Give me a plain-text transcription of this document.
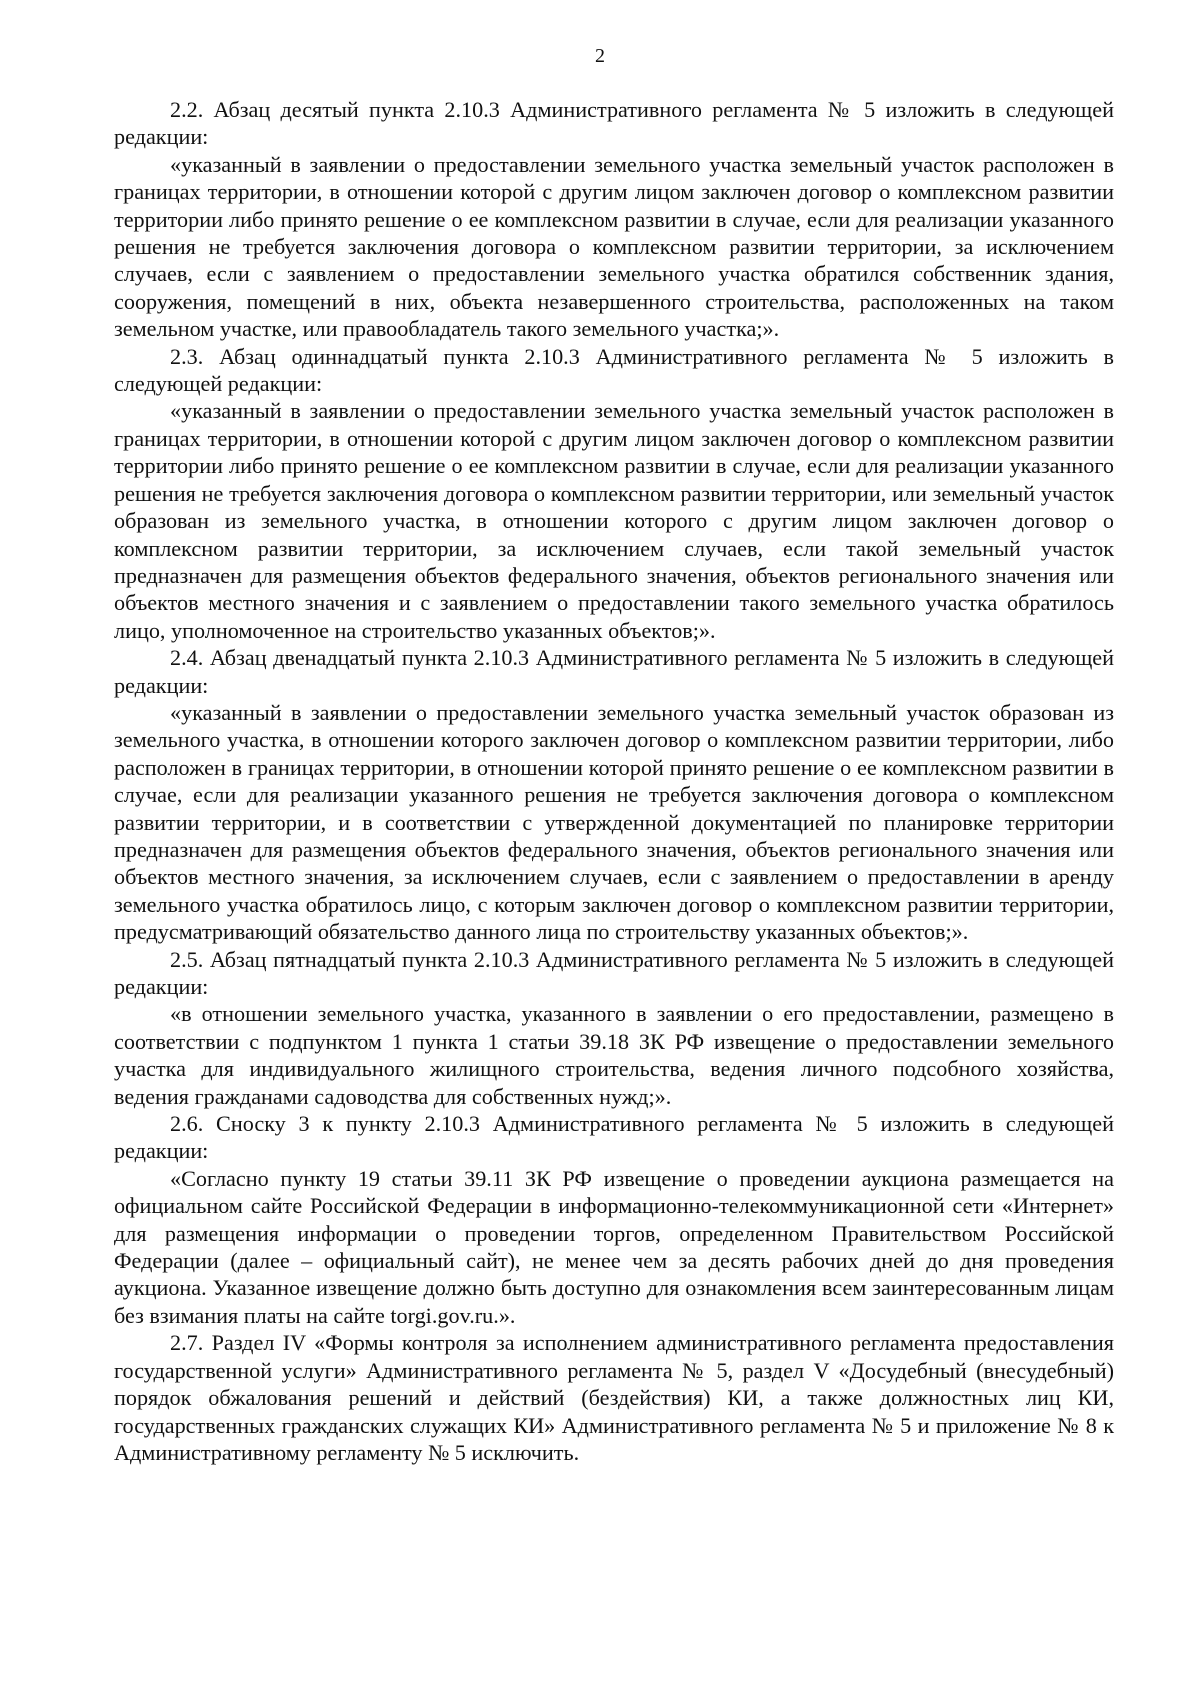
2

2.2. Абзац десятый пункта 2.10.3 Административного регламента № 5 изложить в следующей редакции:

«указанный в заявлении о предоставлении земельного участка земельный участок расположен в границах территории, в отношении которой с другим лицом заключен договор о комплексном развитии территории либо принято решение о ее комплексном развитии в случае, если для реализации указанного решения не требуется заключения договора о комплексном развитии территории, за исключением случаев, если с заявлением о предоставлении земельного участка обратился собственник здания, сооружения, помещений в них, объекта незавершенного строительства, расположенных на таком земельном участке, или правообладатель такого земельного участка;».

2.3. Абзац одиннадцатый пункта 2.10.3 Административного регламента № 5 изложить в следующей редакции:

«указанный в заявлении о предоставлении земельного участка земельный участок расположен в границах территории, в отношении которой с другим лицом заключен договор о комплексном развитии территории либо принято решение о ее комплексном развитии в случае, если для реализации указанного решения не требуется заключения договора о комплексном развитии территории, или земельный участок образован из земельного участка, в отношении которого с другим лицом заключен договор о комплексном развитии территории, за исключением случаев, если такой земельный участок предназначен для размещения объектов федерального значения, объектов регионального значения или объектов местного значения и с заявлением о предоставлении такого земельного участка обратилось лицо, уполномоченное на строительство указанных объектов;».

2.4. Абзац двенадцатый пункта 2.10.3 Административного регламента № 5 изложить в следующей редакции:

«указанный в заявлении о предоставлении земельного участка земельный участок образован из земельного участка, в отношении которого заключен договор о комплексном развитии территории, либо расположен в границах территории, в отношении которой принято решение о ее комплексном развитии в случае, если для реализации указанного решения не требуется заключения договора о комплексном развитии территории, и в соответствии с утвержденной документацией по планировке территории предназначен для размещения объектов федерального значения, объектов регионального значения или объектов местного значения, за исключением случаев, если с заявлением о предоставлении в аренду земельного участка обратилось лицо, с которым заключен договор о комплексном развитии территории, предусматривающий обязательство данного лица по строительству указанных объектов;».

2.5. Абзац пятнадцатый пункта 2.10.3 Административного регламента № 5 изложить в следующей редакции:

«в отношении земельного участка, указанного в заявлении о его предоставлении, размещено в соответствии с подпунктом 1 пункта 1 статьи 39.18 ЗК РФ извещение о предоставлении земельного участка для индивидуального жилищного строительства, ведения личного подсобного хозяйства, ведения гражданами садоводства для собственных нужд;».

2.6. Сноску 3 к пункту 2.10.3 Административного регламента № 5 изложить в следующей редакции:

«Согласно пункту 19 статьи 39.11 ЗК РФ извещение о проведении аукциона размещается на официальном сайте Российской Федерации в информационно-телекоммуникационной сети «Интернет» для размещения информации о проведении торгов, определенном Правительством Российской Федерации (далее – официальный сайт), не менее чем за десять рабочих дней до дня проведения аукциона. Указанное извещение должно быть доступно для ознакомления всем заинтересованным лицам без взимания платы на сайте torgi.gov.ru.».

2.7. Раздел IV «Формы контроля за исполнением административного регламента предоставления государственной услуги» Административного регламента № 5, раздел V «Досудебный (внесудебный) порядок обжалования решений и действий (бездействия) КИ, а также должностных лиц КИ, государственных гражданских служащих КИ» Административного регламента № 5 и приложение № 8 к Административному регламенту № 5 исключить.
